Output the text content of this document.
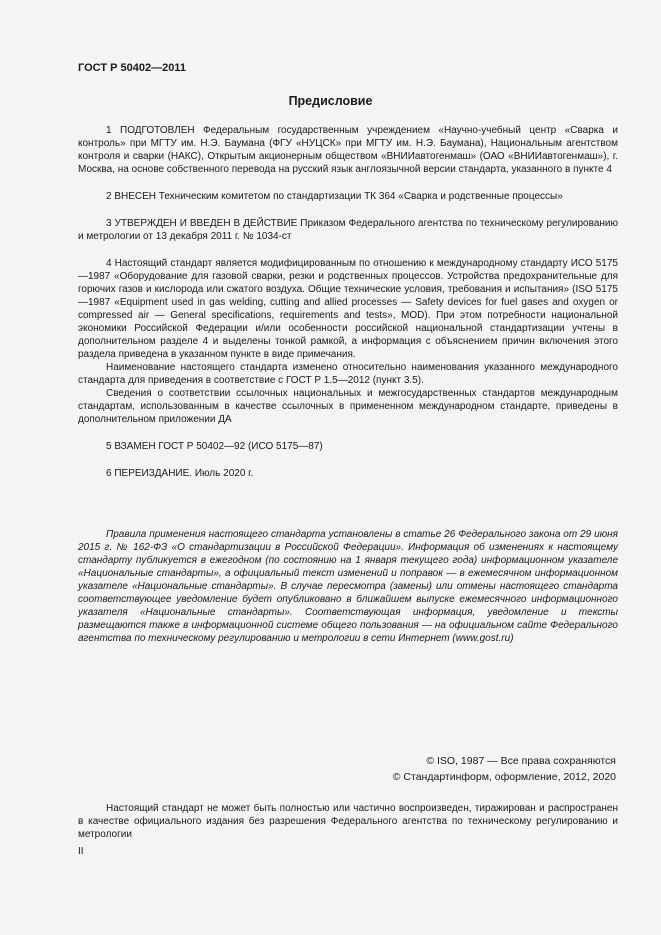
ГОСТ Р 50402—2011
Предисловие

1 ПОДГОТОВЛЕН Федеральным государственным учреждением «Научно-учебный центр «Сварка и контроль» при МГТУ им. Н.Э. Баумана (ФГУ «НУЦСК» при МГТУ им. Н.Э. Баумана), Национальным агентством контроля и сварки (НАКС), Открытым акционерным обществом «ВНИИавтогенмаш» (ОАО «ВНИИавтогенмаш»), г. Москва, на основе собственного перевода на русский язык англоязычной версии стандарта, указанного в пункте 4

2 ВНЕСЕН Техническим комитетом по стандартизации ТК 364 «Сварка и родственные процессы»

3 УТВЕРЖДЕН И ВВЕДЕН В ДЕЙСТВИЕ Приказом Федерального агентства по техническому регулированию и метрологии от 13 декабря 2011 г. № 1034-ст

4 Настоящий стандарт является модифицированным по отношению к международному стандарту ИСО 5175—1987 «Оборудование для газовой сварки, резки и родственных процессов. Устройства предохранительные для горючих газов и кислорода или сжатого воздуха. Общие технические условия, требования и испытания» (ISO 5175—1987 «Equipment used in gas welding, cutting and allied processes — Safety devices for fuel gases and oxygen or compressed air — General specifications, requirements and tests», MOD). При этом потребности национальной экономики Российской Федерации и/или особенности российской национальной стандартизации учтены в дополнительном разделе 4 и выделены тонкой рамкой, а информация с объяснением причин включения этого раздела приведена в указанном пункте в виде примечания.

Наименование настоящего стандарта изменено относительно наименования указанного международного стандарта для приведения в соответствие с ГОСТ Р 1.5—2012 (пункт 3.5).

Сведения о соответствии ссылочных национальных и межгосударственных стандартов международным стандартам, использованным в качестве ссылочных в примененном международном стандарте, приведены в дополнительном приложении ДА

5 ВЗАМЕН ГОСТ Р 50402—92 (ИСО 5175—87)

6 ПЕРЕИЗДАНИЕ. Июль 2020 г.

Правила применения настоящего стандарта установлены в статье 26 Федерального закона от 29 июня 2015 г. № 162-ФЗ «О стандартизации в Российской Федерации». Информация об изменениях к настоящему стандарту публикуется в ежегодном (по состоянию на 1 января текущего года) информационном указателе «Национальные стандарты», а официальный текст изменений и поправок — в ежемесячном информационном указателе «Национальные стандарты». В случае пересмотра (замены) или отмены настоящего стандарта соответствующее уведомление будет опубликовано в ближайшем выпуске ежемесячного информационного указателя «Национальные стандарты». Соответствующая информация, уведомление и тексты размещаются также в информационной системе общего пользования — на официальном сайте Федерального агентства по техническому регулированию и метрологии в сети Интернет (www.gost.ru)

© ISO, 1987 — Все права сохраняются
© Стандартинформ, оформление, 2012, 2020

Настоящий стандарт не может быть полностью или частично воспроизведен, тиражирован и распространен в качестве официального издания без разрешения Федерального агентства по техническому регулированию и метрологии

II
